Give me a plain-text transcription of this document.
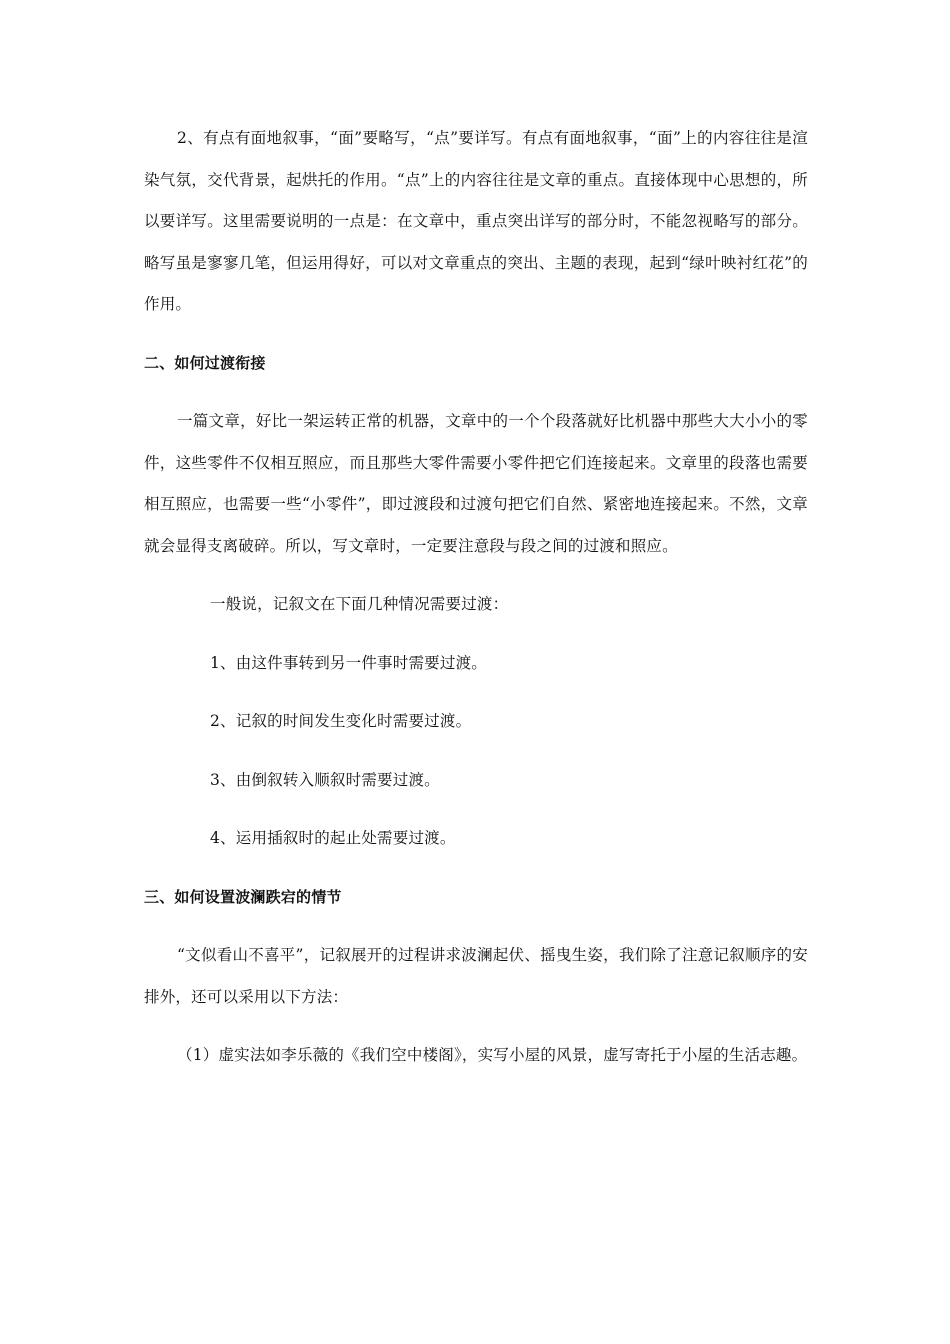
2、有点有面地叙事，“面”要略写，“点”要详写。有点有面地叙事，“面”上的内容往往是渲染气氛，交代背景，起烘托的作用。“点”上的内容往往是文章的重点。直接体现中心思想的，所以要详写。这里需要说明的一点是：在文章中，重点突出详写的部分时，不能忽视略写的部分。略写虽是寥寥几笔，但运用得好，可以对文章重点的突出、主题的表现，起到“绿叶映衬红花”的作用。

二、如何过渡衔接

一篇文章，好比一架运转正常的机器，文章中的一个个段落就好比机器中那些大大小小的零件，这些零件不仅相互照应，而且那些大零件需要小零件把它们连接起来。文章里的段落也需要相互照应，也需要一些“小零件”，即过渡段和过渡句把它们自然、紧密地连接起来。不然，文章就会显得支离破碎。所以，写文章时，一定要注意段与段之间的过渡和照应。

一般说，记叙文在下面几种情况需要过渡：

1、由这件事转到另一件事时需要过渡。

2、记叙的时间发生变化时需要过渡。

3、由倒叙转入顺叙时需要过渡。

4、运用插叙时的起止处需要过渡。

三、如何设置波澜跌宕的情节

“文似看山不喜平”，记叙展开的过程讲求波澜起伏、摇曳生姿，我们除了注意记叙顺序的安排外，还可以采用以下方法：

（1）虚实法如李乐薇的《我们空中楼阁》，实写小屋的风景，虚写寄托于小屋的生活志趣。
